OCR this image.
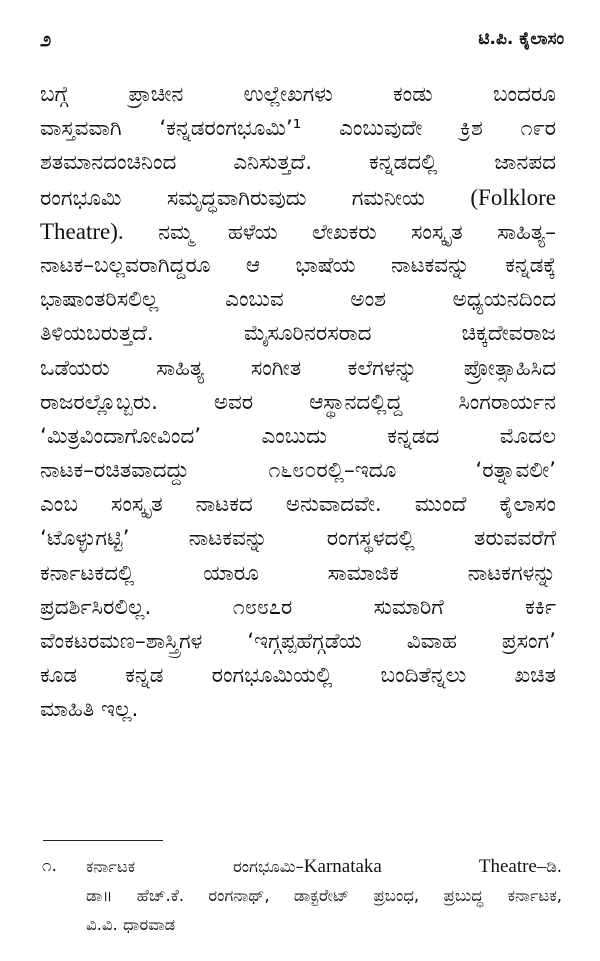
೨	ಟಿ.ಪಿ. ಕೈಲಾಸಂ
ಬಗ್ಗೆ ಪ್ರಾಚೀನ ಉಲ್ಲೇಖಗಳು ಕಂಡು ಬಂದರೂ
ವಾಸ್ತವವಾಗಿ ‘ಕನ್ನಡರಂಗಭೂಮಿ’¹ ಎಂಬುವುದೇ ಕ್ರಿಶ ೧೯ರ
ಶತಮಾನದಂಚಿನಿಂದ ಎನಿಸುತ್ತದೆ. ಕನ್ನಡದಲ್ಲಿ ಜಾನಪದ
ರಂಗಭೂಮಿ ಸಮೃದ್ಧವಾಗಿರುವುದು ಗಮನೀಯ (Folklore
Theatre). ನಮ್ಮ ಹಳೆಯ ಲೇಖಕರು ಸಂಸ್ಕೃತ ಸಾಹಿತ್ಯ–
ನಾಟಕ–ಬಲ್ಲವರಾಗಿದ್ದರೂ ಆ ಭಾಷೆಯ ನಾಟಕವನ್ನು ಕನ್ನಡಕ್ಕೆ
ಭಾಷಾಂತರಿಸಲಿಲ್ಲ ಎಂಬುವ ಅಂಶ ಅಧ್ಯಯನದಿಂದ
ತಿಳಿಯಬರುತ್ತದೆ. ಮೈಸೂರಿನರಸರಾದ ಚಿಕ್ಕದೇವರಾಜ
ಒಡೆಯರು ಸಾಹಿತ್ಯ ಸಂಗೀತ ಕಲೆಗಳನ್ನು ಪ್ರೋತ್ಸಾಹಿಸಿದ
ರಾಜರಲ್ಲೊಬ್ಬರು. ಅವರ ಆಸ್ಥಾನದಲ್ಲಿದ್ದ ಸಿಂಗರಾರ್ಯನ
‘ಮಿತ್ರವಿಂದಾಗೋವಿಂದ’ ಎಂಬುದು ಕನ್ನಡದ ಮೊದಲ
ನಾಟಕ–ರಚಿತವಾದದ್ದು ೧೬೮೦ರಲ್ಲಿ–ಇದೂ ‘ರತ್ನಾವಲೀ’
ಎಂಬ ಸಂಸ್ಕೃತ ನಾಟಕದ ಅನುವಾದವೇ. ಮುಂದೆ ಕೈಲಾಸಂ
‘ಟೊಳ್ಳುಗಟ್ಟಿ’ ನಾಟಕವನ್ನು ರಂಗಸ್ಥಳದಲ್ಲಿ ತರುವವರೆಗೆ
ಕರ್ನಾಟಕದಲ್ಲಿ ಯಾರೂ ಸಾಮಾಜಿಕ ನಾಟಕಗಳನ್ನು
ಪ್ರದರ್ಶಿಸಿರಲಿಲ್ಲ. ೧೮೮೭ರ ಸುಮಾರಿಗೆ ಕರ್ಕಿ
ವೆಂಕಟರಮಣ–ಶಾಸ್ತ್ರಿಗಳ ‘ಇಗ್ಗಪ್ಪಹೆಗ್ಗಡೆಯ ವಿವಾಹ ಪ್ರಸಂಗ’
ಕೂಡ ಕನ್ನಡ ರಂಗಭೂಮಿಯಲ್ಲಿ ಬಂದಿತೆನ್ನಲು ಖಚಿತ
ಮಾಹಿತಿ ಇಲ್ಲ.
೧.	ಕರ್ನಾಟಕ ರಂಗಭೂಮಿ–Karnataka Theatre–ಡಿ.
ಡಾ॥ ಹೆಚ್.ಕೆ. ರಂಗನಾಥ್, ಡಾಕ್ಟರೇಟ್ ಪ್ರಬಂಧ, ಪ್ರಬುದ್ಧ ಕರ್ನಾಟಕ,
ವಿ.ವಿ. ಧಾರವಾಡ
